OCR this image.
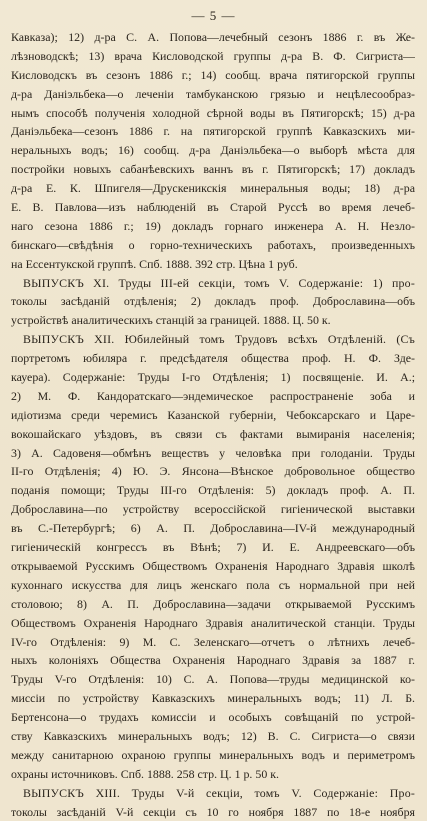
— 5 —
Кавказа); 12) д-ра С. А. Попова—лечебный сезонъ 1886 г. въ Же-
лѣзноводскѣ; 13) врача Кисловодской группы д-ра В. Ф. Сигриста—
Кисловодскъ въ сезонъ 1886 г.; 14) сообщ. врача пятигорской группы
д-ра Даніэльбека—о леченіи тамбуканскою грязью и нецѣлесообраз-
нымъ способѣ полученія холодной сѣрной воды въ Пятигорскѣ; 15) д-ра
Даніэльбека—сезонъ 1886 г. на пятигорской группѣ Кавказскихъ ми-
неральныхъ водъ; 16) сообщ. д-ра Даніэльбека—о выборѣ мѣста для
постройки новыхъ сабанѣевскихъ ваннъ въ г. Пятигорскѣ; 17) докладъ
д-ра Е. К. Шпигеля—Друскеникскія минеральныя воды; 18) д-ра
Е. В. Павлова—изъ наблюденій въ Старой Руссѣ во время лечеб-
наго сезона 1886 г.; 19) докладъ горнаго инженера А. Н. Незло-
бинскаго—свѣдѣнія о горно-техническихъ работахъ, произведенныхъ
на Ессентукской группѣ. Спб. 1888. 392 стр. Цѣна 1 руб.
ВЫПУСКЪ XI. Труды III-ей секціи, томъ V. Содержаніе: 1) про-
токолы засѣданій отдѣленія; 2) докладъ проф. Доброславина—объ
устройствѣ аналитическихъ станцій за границей. 1888. Ц. 50 к.
ВЫПУСКЪ XII. Юбилейный томъ Трудовъ всѣхъ Отдѣленій. (Съ
портретомъ юбиляра г. предсѣдателя общества проф. Н. Ф. Здe-
кауера). Содержаніе: Труды I-го Отдѣленія; 1) посвященіе. И. А.;
2) М. Ф. Кандоратскаго—эндемическое распространеніе зоба и
идіотизма среди черемисъ Казанской губерніи, Чебоксарскаго и Царе-
вокошайскаго уѣздовъ, въ связи съ фактами вымиранія населенія;
3) А. Садовеня—обмѣнъ веществъ у человѣка при голоданіи. Труды
II-го Отдѣленія; 4) Ю. Э. Янсона—Вѣнское добровольное общество
поданія помощи; Труды III-го Отдѣленія: 5) докладъ проф. А. П.
Доброславина—по устройству всероссійской гигіенической выставки
въ С.-Петербургѣ; 6) А. П. Доброславина—IV-й международный
гигіеническій конгрессъ въ Вѣнѣ; 7) И. Е. Андреевскаго—объ
открываемой Русскимъ Обществомъ Охраненія Народнаго Здравія школѣ
кухоннаго искусства для лицъ женскаго пола съ нормальной при ней
столовою; 8) А. П. Доброславина—задачи открываемой Русскимъ
Обществомъ Охраненія Народнаго Здравія аналитической станціи. Труды
IV-го Отдѣленія: 9) М. С. Зеленскаго—отчетъ о лѣтнихъ лечеб-
ныхъ колоніяхъ Общества Охраненія Народнаго Здравія за 1887 г.
Труды V-го Отдѣленія: 10) С. А. Попова—труды медицинской ко-
миссіи по устройству Кавказскихъ минеральныхъ водъ; 11) Л. Б.
Бертенсона—о трудахъ комиссіи и особыхъ совѣщаній по устрой-
ству Кавказскихъ минеральныхъ водъ; 12) В. С. Сигриста—о связи
между санитарною охраною группы минеральныхъ водъ и периметромъ
охраны источниковъ. Спб. 1888. 258 стр. Ц. 1 р. 50 к.
ВЫПУСКЪ XIII. Труды V-й секціи, томъ V. Содержаніе: Про-
токолы засѣданій V-й секціи съ 10 го ноября 1887 по 18-е ноября
